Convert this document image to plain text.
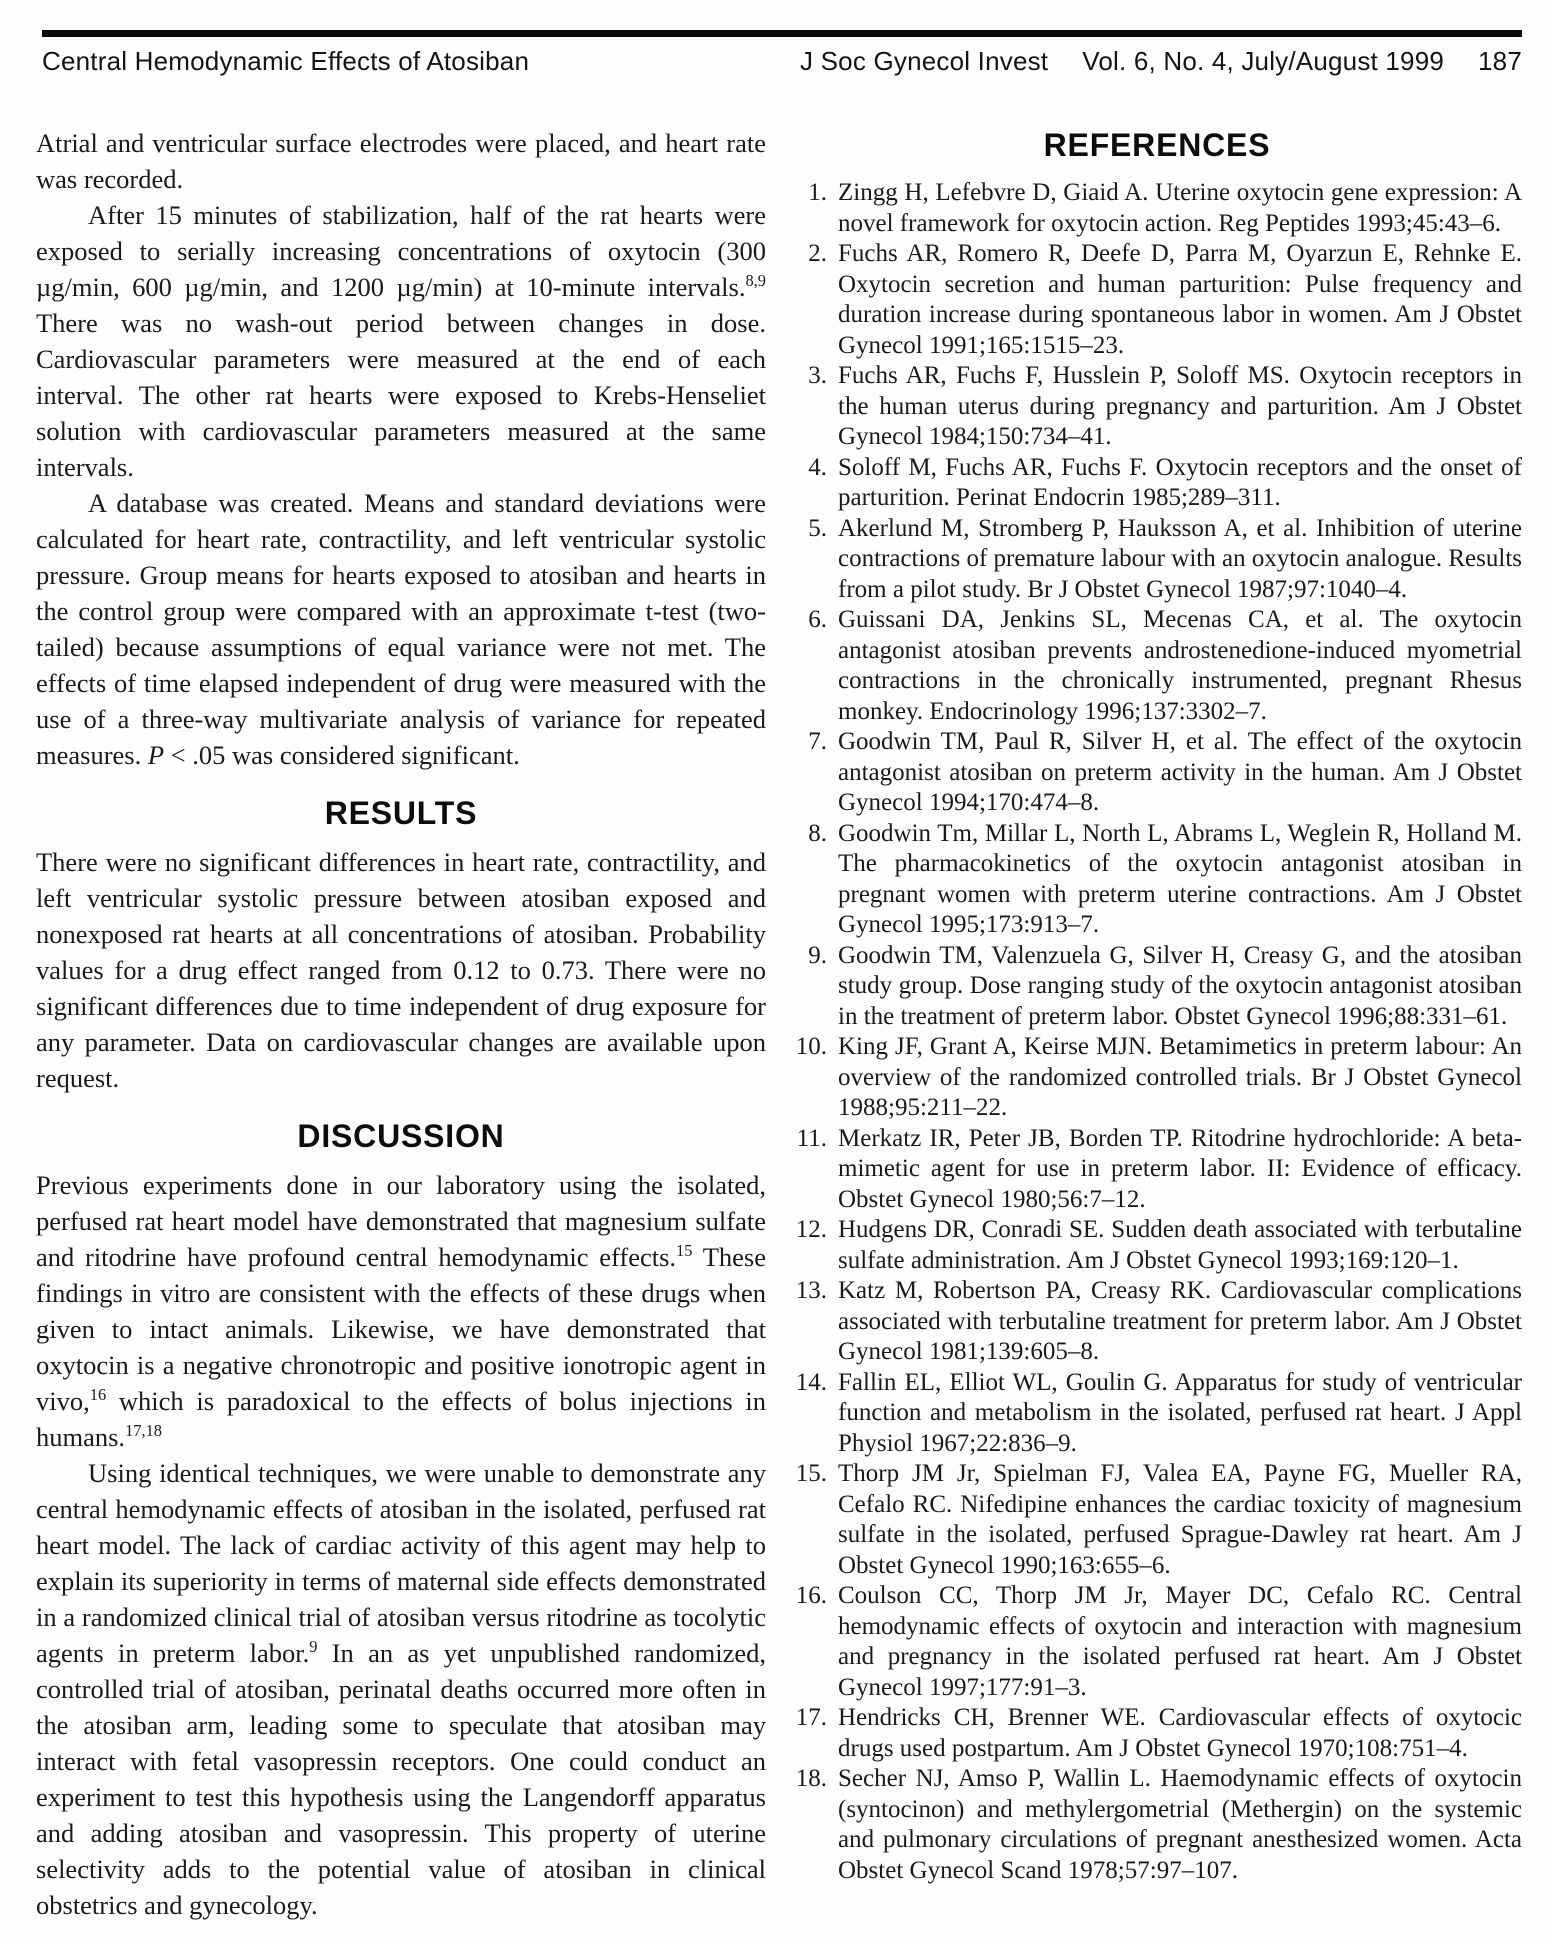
Central Hemodynamic Effects of Atosiban	J Soc Gynecol Invest Vol. 6, No. 4, July/August 1999 187

Atrial and ventricular surface electrodes were placed, and heart rate was recorded.

After 15 minutes of stabilization, half of the rat hearts were exposed to serially increasing concentrations of oxytocin (300 µg/min, 600 µg/min, and 1200 µg/min) at 10-minute intervals.$^{8,9}$ There was no wash-out period between changes in dose. Cardiovascular parameters were measured at the end of each interval. The other rat hearts were exposed to Krebs-Henseliet solution with cardiovascular parameters measured at the same intervals.

A database was created. Means and standard deviations were calculated for heart rate, contractility, and left ventricular systolic pressure. Group means for hearts exposed to atosiban and hearts in the control group were compared with an approximate t-test (two-tailed) because assumptions of equal variance were not met. The effects of time elapsed independent of drug were measured with the use of a three-way multivariate analysis of variance for repeated measures. P < .05 was considered significant.

RESULTS

There were no significant differences in heart rate, contractility, and left ventricular systolic pressure between atosiban exposed and nonexposed rat hearts at all concentrations of atosiban. Probability values for a drug effect ranged from 0.12 to 0.73. There were no significant differences due to time independent of drug exposure for any parameter. Data on cardiovascular changes are available upon request.

DISCUSSION

Previous experiments done in our laboratory using the isolated, perfused rat heart model have demonstrated that magnesium sulfate and ritodrine have profound central hemodynamic effects.$^{15}$ These findings in vitro are consistent with the effects of these drugs when given to intact animals. Likewise, we have demonstrated that oxytocin is a negative chronotropic and positive ionotropic agent in vivo,$^{16}$ which is paradoxical to the effects of bolus injections in humans.$^{17,18}$

Using identical techniques, we were unable to demonstrate any central hemodynamic effects of atosiban in the isolated, perfused rat heart model. The lack of cardiac activity of this agent may help to explain its superiority in terms of maternal side effects demonstrated in a randomized clinical trial of atosiban versus ritodrine as tocolytic agents in preterm labor.$^9$ In an as yet unpublished randomized, controlled trial of atosiban, perinatal deaths occurred more often in the atosiban arm, leading some to speculate that atosiban may interact with fetal vasopressin receptors. One could conduct an experiment to test this hypothesis using the Langendorff apparatus and adding atosiban and vasopressin. This property of uterine selectivity adds to the potential value of atosiban in clinical obstetrics and gynecology.

REFERENCES
1. Zingg H, Lefebvre D, Giaid A. Uterine oxytocin gene expression: A novel framework for oxytocin action. Reg Peptides 1993;45:43–6.
2. Fuchs AR, Romero R, Deefe D, Parra M, Oyarzun E, Rehnke E. Oxytocin secretion and human parturition: Pulse frequency and duration increase during spontaneous labor in women. Am J Obstet Gynecol 1991;165:1515–23.
3. Fuchs AR, Fuchs F, Husslein P, Soloff MS. Oxytocin receptors in the human uterus during pregnancy and parturition. Am J Obstet Gynecol 1984;150:734–41.
4. Soloff M, Fuchs AR, Fuchs F. Oxytocin receptors and the onset of parturition. Perinat Endocrin 1985;289–311.
5. Akerlund M, Stromberg P, Hauksson A, et al. Inhibition of uterine contractions of premature labour with an oxytocin analogue. Results from a pilot study. Br J Obstet Gynecol 1987;97:1040–4.
6. Guissani DA, Jenkins SL, Mecenas CA, et al. The oxytocin antagonist atosiban prevents androstenedione-induced myometrial contractions in the chronically instrumented, pregnant Rhesus monkey. Endocrinology 1996;137:3302–7.
7. Goodwin TM, Paul R, Silver H, et al. The effect of the oxytocin antagonist atosiban on preterm activity in the human. Am J Obstet Gynecol 1994;170:474–8.
8. Goodwin Tm, Millar L, North L, Abrams L, Weglein R, Holland M. The pharmacokinetics of the oxytocin antagonist atosiban in pregnant women with preterm uterine contractions. Am J Obstet Gynecol 1995;173:913–7.
9. Goodwin TM, Valenzuela G, Silver H, Creasy G, and the atosiban study group. Dose ranging study of the oxytocin antagonist atosiban in the treatment of preterm labor. Obstet Gynecol 1996;88:331–61.
10. King JF, Grant A, Keirse MJN. Betamimetics in preterm labour: An overview of the randomized controlled trials. Br J Obstet Gynecol 1988;95:211–22.
11. Merkatz IR, Peter JB, Borden TP. Ritodrine hydrochloride: A beta-mimetic agent for use in preterm labor. II: Evidence of efficacy. Obstet Gynecol 1980;56:7–12.
12. Hudgens DR, Conradi SE. Sudden death associated with terbutaline sulfate administration. Am J Obstet Gynecol 1993;169:120–1.
13. Katz M, Robertson PA, Creasy RK. Cardiovascular complications associated with terbutaline treatment for preterm labor. Am J Obstet Gynecol 1981;139:605–8.
14. Fallin EL, Elliot WL, Goulin G. Apparatus for study of ventricular function and metabolism in the isolated, perfused rat heart. J Appl Physiol 1967;22:836–9.
15. Thorp JM Jr, Spielman FJ, Valea EA, Payne FG, Mueller RA, Cefalo RC. Nifedipine enhances the cardiac toxicity of magnesium sulfate in the isolated, perfused Sprague-Dawley rat heart. Am J Obstet Gynecol 1990;163:655–6.
16. Coulson CC, Thorp JM Jr, Mayer DC, Cefalo RC. Central hemodynamic effects of oxytocin and interaction with magnesium and pregnancy in the isolated perfused rat heart. Am J Obstet Gynecol 1997;177:91–3.
17. Hendricks CH, Brenner WE. Cardiovascular effects of oxytocic drugs used postpartum. Am J Obstet Gynecol 1970;108:751–4.
18. Secher NJ, Amso P, Wallin L. Haemodynamic effects of oxytocin (syntocinon) and methylergometrial (Methergin) on the systemic and pulmonary circulations of pregnant anesthesized women. Acta Obstet Gynecol Scand 1978;57:97–107.
